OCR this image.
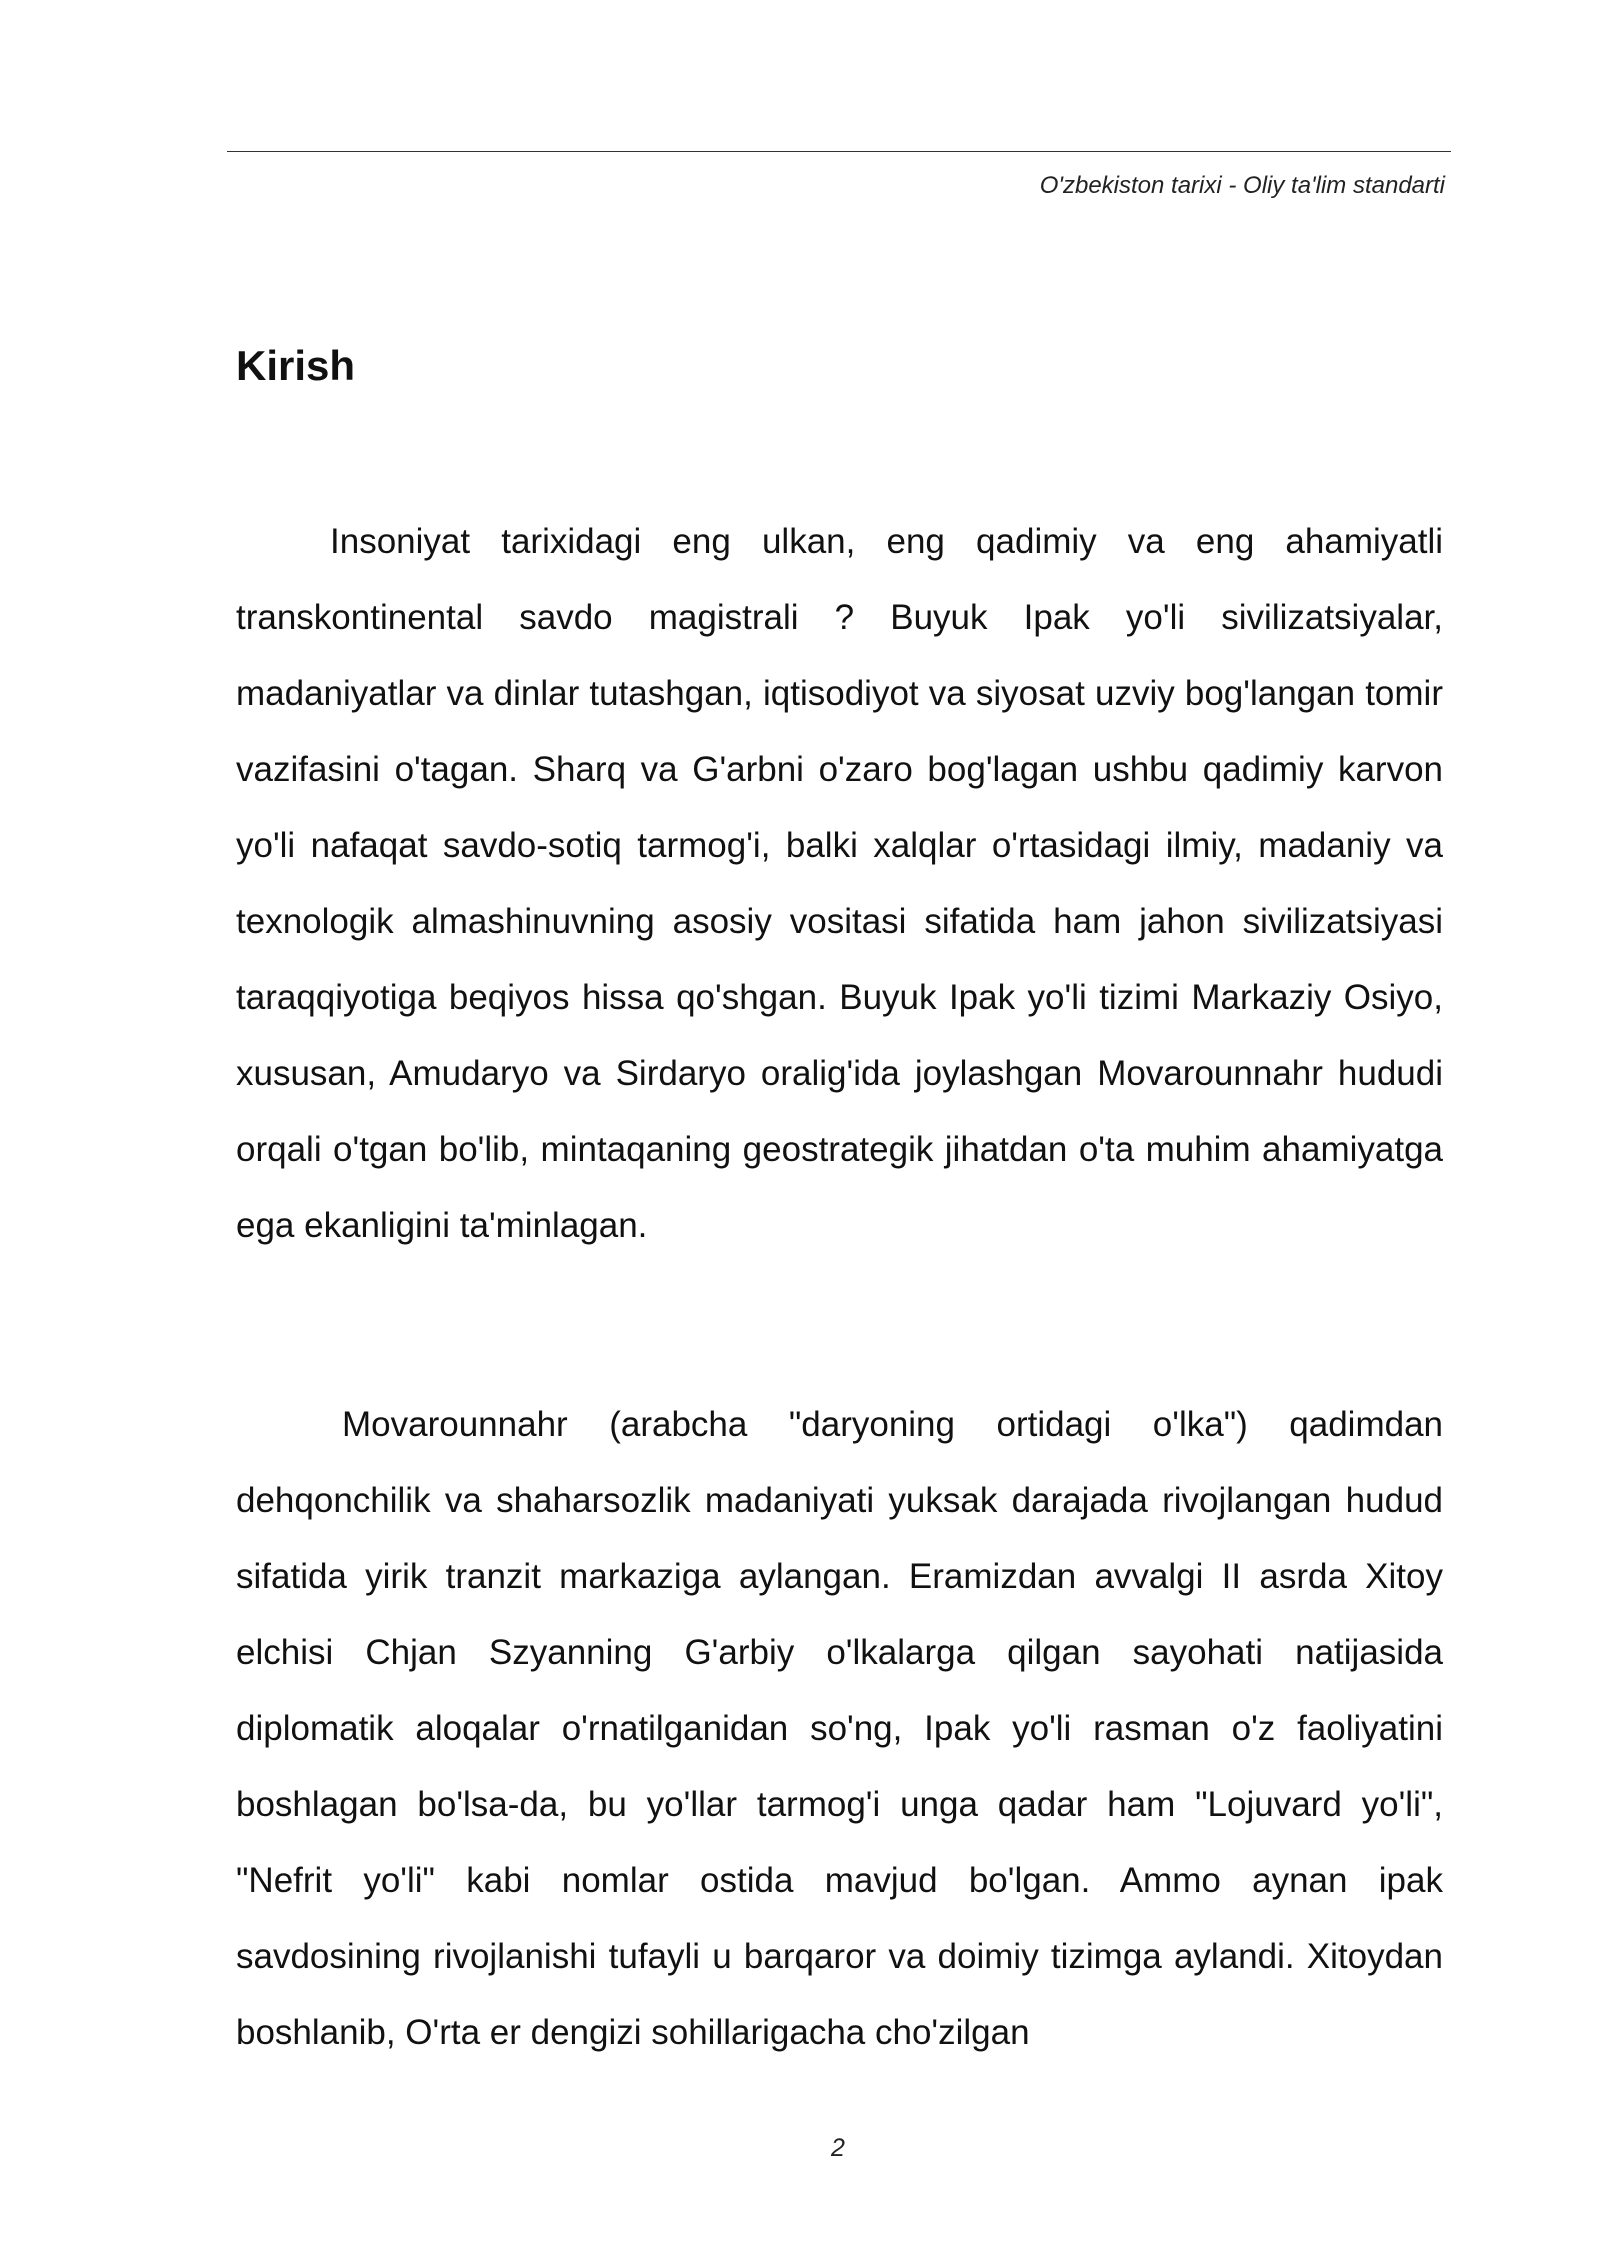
O'zbekiston tarixi - Oliy ta'lim standarti
Kirish

Insoniyat tarixidagi eng ulkan, eng qadimiy va eng ahamiyatli transkontinental savdo magistrali ? Buyuk Ipak yo'li sivilizatsiyalar, madaniyatlar va dinlar tutashgan, iqtisodiyot va siyosat uzviy bog'langan tomir vazifasini o'tagan. Sharq va G'arbni o'zaro bog'lagan ushbu qadimiy karvon yo'li nafaqat savdo-sotiq tarmog'i, balki xalqlar o'rtasidagi ilmiy, madaniy va texnologik almashinuvning asosiy vositasi sifatida ham jahon sivilizatsiyasi taraqqiyotiga beqiyos hissa qo'shgan. Buyuk Ipak yo'li tizimi Markaziy Osiyo, xususan, Amudaryo va Sirdaryo oralig'ida joylashgan Movarounnahr hududi orqali o'tgan bo'lib, mintaqaning geostrategik jihatdan o'ta muhim ahamiyatga ega ekanligini ta'minlagan.

Movarounnahr (arabcha "daryoning ortidagi o'lka") qadimdan dehqonchilik va shaharsozlik madaniyati yuksak darajada rivojlangan hudud sifatida yirik tranzit markaziga aylangan. Eramizdan avvalgi II asrda Xitoy elchisi Chjan Szyanning G'arbiy o'lkalarga qilgan sayohati natijasida diplomatik aloqalar o'rnatilganidan so'ng, Ipak yo'li rasman o'z faoliyatini boshlagan bo'lsa-da, bu yo'llar tarmog'i unga qadar ham "Lojuvard yo'li", "Nefrit yo'li" kabi nomlar ostida mavjud bo'lgan. Ammo aynan ipak savdosining rivojlanishi tufayli u barqaror va doimiy tizimga aylandi. Xitoydan boshlanib, O'rta er dengizi sohillarigacha cho'zilgan

2
